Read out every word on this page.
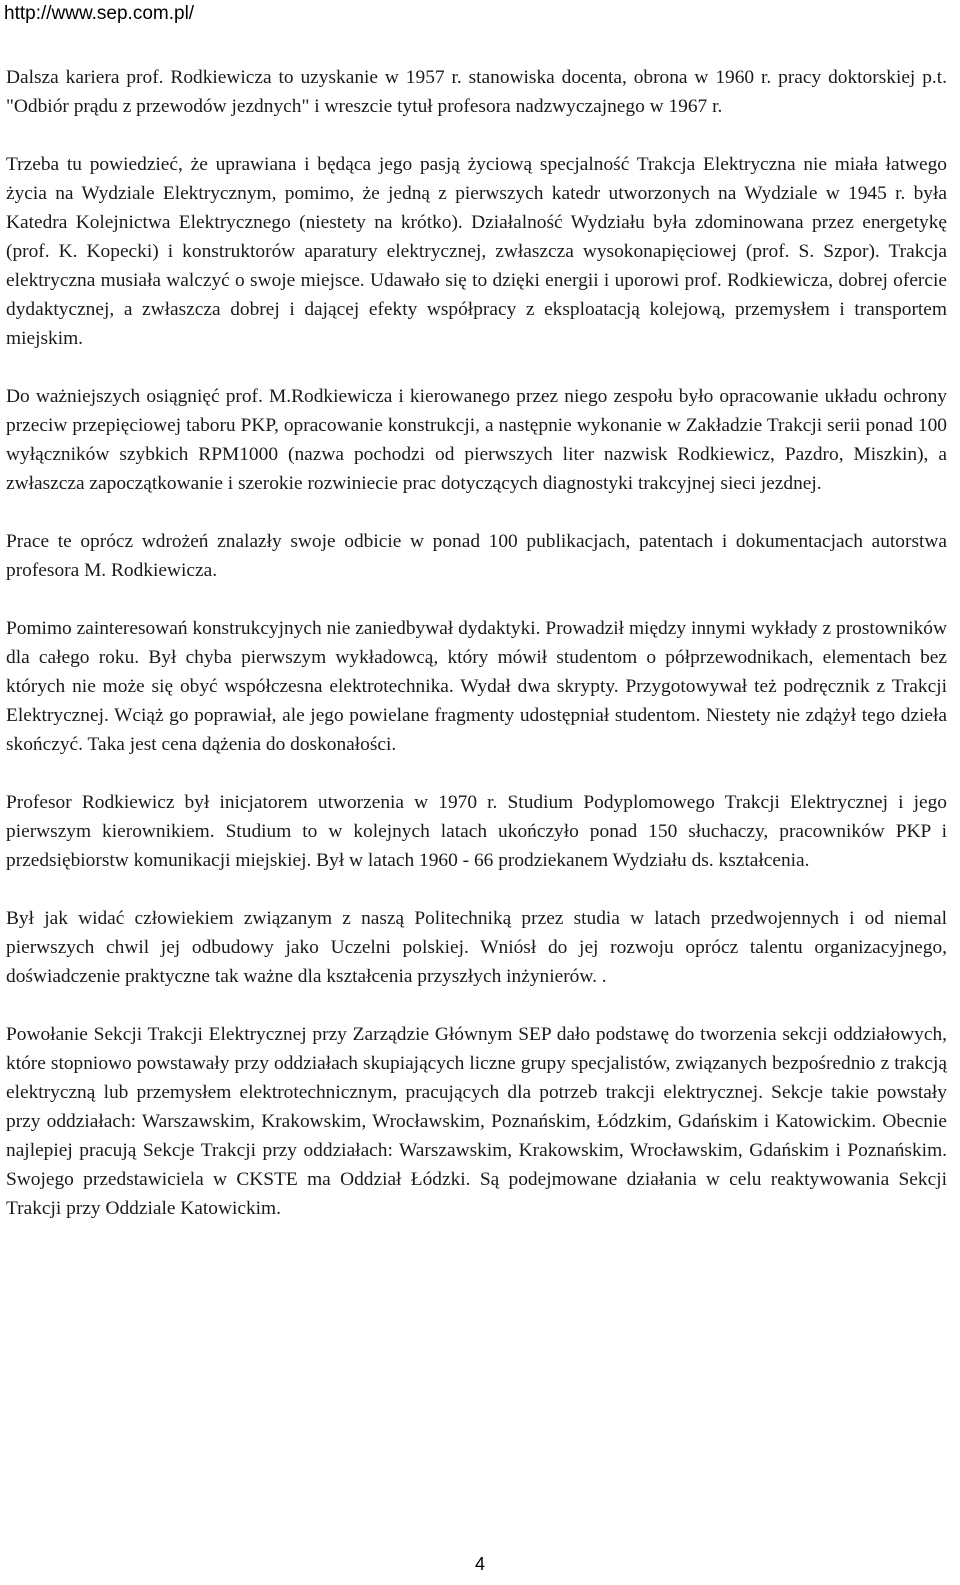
http://www.sep.com.pl/

Dalsza kariera prof. Rodkiewicza to uzyskanie w 1957 r. stanowiska docenta, obrona w 1960 r. pracy doktorskiej p.t. "Odbiór prądu z przewodów jezdnych" i wreszcie tytuł profesora nadzwyczajnego w 1967 r.

Trzeba tu powiedzieć, że uprawiana i będąca jego pasją życiową specjalność Trakcja Elektryczna nie miała łatwego życia na Wydziale Elektrycznym, pomimo, że jedną z pierwszych katedr utworzonych na Wydziale w 1945 r. była Katedra Kolejnictwa Elektrycznego (niestety na krótko). Działalność Wydziału była zdominowana przez energetykę (prof. K. Kopecki) i konstruktorów aparatury elektrycznej, zwłaszcza wysokonapięciowej (prof. S. Szpor). Trakcja elektryczna musiała walczyć o swoje miejsce. Udawało się to dzięki energii i uporowi prof. Rodkiewicza, dobrej ofercie dydaktycznej, a zwłaszcza dobrej i dającej efekty współpracy z eksploatacją kolejową, przemysłem i transportem miejskim.

Do ważniejszych osiągnięć prof. M.Rodkiewicza i kierowanego przez niego zespołu było opracowanie układu ochrony przeciw przepięciowej taboru PKP, opracowanie konstrukcji, a następnie wykonanie w Zakładzie Trakcji serii ponad 100 wyłączników szybkich RPM1000 (nazwa pochodzi od pierwszych liter nazwisk Rodkiewicz, Pazdro, Miszkin), a zwłaszcza zapoczątkowanie i szerokie rozwiniecie prac dotyczących diagnostyki trakcyjnej sieci jezdnej.

Prace te oprócz wdrożeń znalazły swoje odbicie w ponad 100 publikacjach, patentach i dokumentacjach autorstwa profesora M. Rodkiewicza.

Pomimo zainteresowań konstrukcyjnych nie zaniedbywał dydaktyki. Prowadził między innymi wykłady z prostowników dla całego roku. Był chyba pierwszym wykładowcą, który mówił studentom o półprzewodnikach, elementach bez których nie może się obyć współczesna elektrotechnika. Wydał dwa skrypty. Przygotowywał też podręcznik z Trakcji Elektrycznej. Wciąż go poprawiał, ale jego powielane fragmenty udostępniał studentom. Niestety nie zdążył tego dzieła skończyć. Taka jest cena dążenia do doskonałości.

Profesor Rodkiewicz był inicjatorem utworzenia w 1970 r. Studium Podyplomowego Trakcji Elektrycznej i jego pierwszym kierownikiem. Studium to w kolejnych latach ukończyło ponad 150 słuchaczy, pracowników PKP i przedsiębiorstw komunikacji miejskiej. Był w latach 1960 - 66 prodziekanem Wydziału ds. kształcenia.

Był jak widać człowiekiem związanym z naszą Politechniką przez studia w latach przedwojennych i od niemal pierwszych chwil jej odbudowy jako Uczelni polskiej. Wniósł do jej rozwoju oprócz talentu organizacyjnego, doświadczenie praktyczne tak ważne dla kształcenia przyszłych inżynierów. .

Powołanie Sekcji Trakcji Elektrycznej przy Zarządzie Głównym SEP dało podstawę do tworzenia sekcji oddziałowych, które stopniowo powstawały przy oddziałach skupiających liczne grupy specjalistów, związanych bezpośrednio z trakcją elektryczną lub przemysłem elektrotechnicznym, pracujących dla potrzeb trakcji elektrycznej. Sekcje takie powstały przy oddziałach: Warszawskim, Krakowskim, Wrocławskim, Poznańskim, Łódzkim, Gdańskim i Katowickim. Obecnie najlepiej pracują Sekcje Trakcji przy oddziałach: Warszawskim, Krakowskim, Wrocławskim, Gdańskim i Poznańskim. Swojego przedstawiciela w CKSTE ma Oddział Łódzki. Są podejmowane działania w celu reaktywowania Sekcji Trakcji przy Oddziale Katowickim.

4
